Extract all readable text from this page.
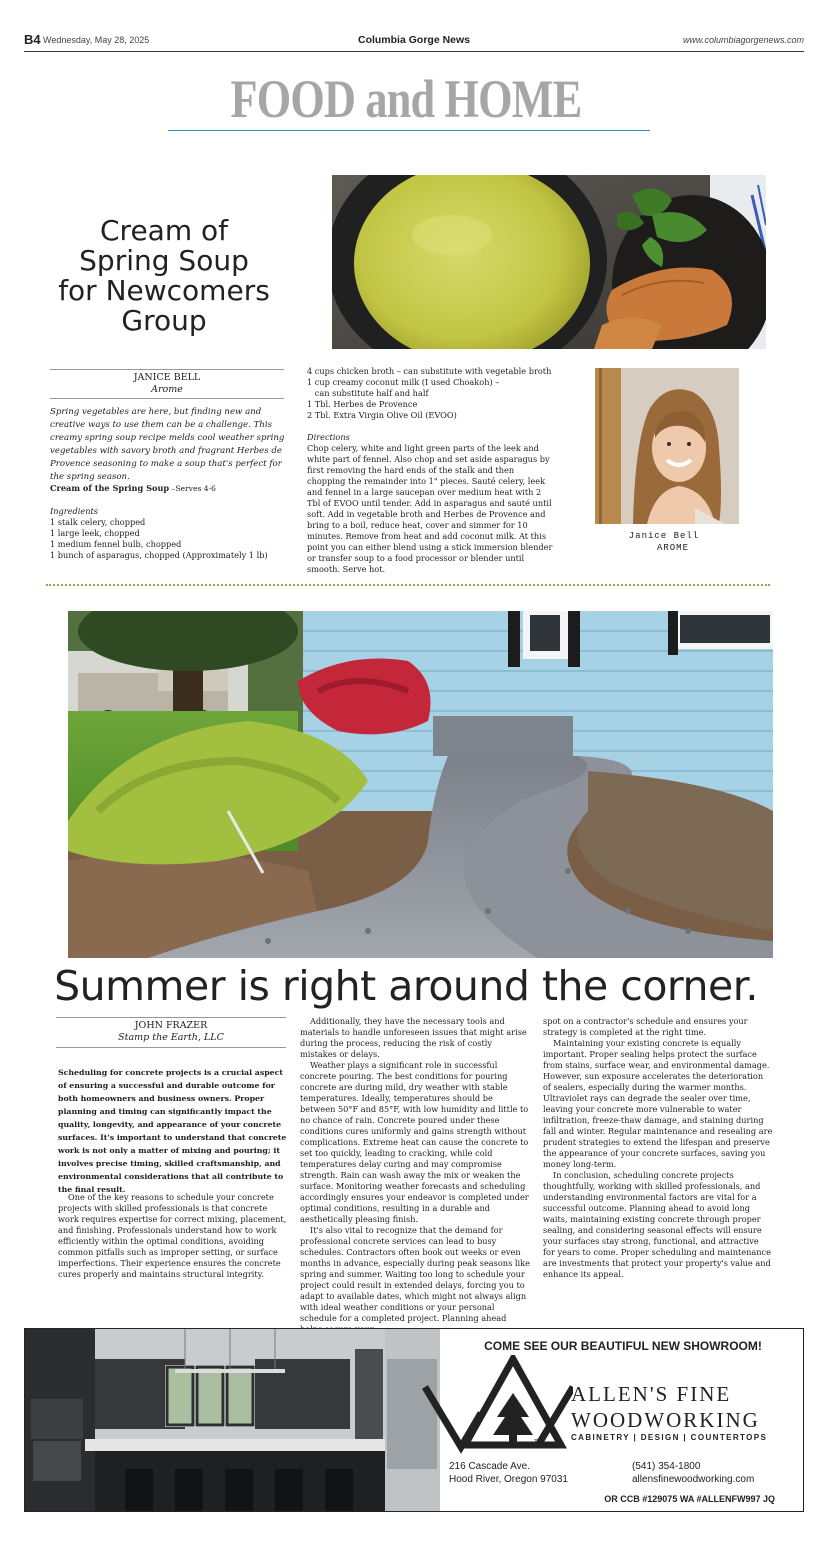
B4 Wednesday, May 28, 2025	Columbia Gorge News	www.columbiagorgenews.com
FOOD and HOME
Cream of
Spring Soup
for Newcomers
Group
JANICE BELL
Arome
Spring vegetables are here, but finding new and creative ways to use them can be a challenge. This creamy spring soup recipe melds cool weather spring vegetables with savory broth and fragrant Herbes de Provence seasoning to make a soup that's perfect for the spring season.
Cream of the Spring Soup –Serves 4-6
Ingredients
1 stalk celery, chopped
1 large leek, chopped
1 medium fennel bulb, chopped
1 bunch of asparagus, chopped (Approximately 1 lb)
4 cups chicken broth – can substitute with vegetable broth
1 cup creamy coconut milk (I used Choakoh) –
can substitute half and half
1 Tbl. Herbes de Provence
2 Tbl. Extra Virgin Olive Oil (EVOO)
Directions
Chop celery, white and light green parts of the leek and white part of fennel. Also chop and set aside asparagus by first removing the hard ends of the stalk and then chopping the remainder into 1" pieces. Sauté celery, leek and fennel in a large saucepan over medium heat with 2 Tbl of EVOO until tender. Add in asparagus and sauté until soft. Add in vegetable broth and Herbes de Provence and bring to a boil, reduce heat, cover and simmer for 10 minutes. Remove from heat and add coconut milk. At this point you can either blend using a stick immersion blender or transfer soup to a food processor or blender until smooth. Serve hot.
Janice Bell
AROME
Summer is right around the corner.
JOHN FRAZER
Stamp the Earth, LLC
Scheduling for concrete projects is a crucial aspect of ensuring a successful and durable outcome for both homeowners and business owners. Proper planning and timing can significantly impact the quality, longevity, and appearance of your concrete surfaces. It's important to understand that concrete work is not only a matter of mixing and pouring; it involves precise timing, skilled craftsmanship, and environmental considerations that all contribute to the final result.

One of the key reasons to schedule your concrete projects with skilled professionals is that concrete work requires expertise for correct mixing, placement, and finishing. Professionals understand how to work efficiently within the optimal conditions, avoiding common pitfalls such as improper setting, or surface imperfections. Their experience ensures the concrete cures properly and maintains structural integrity.

Additionally, they have the necessary tools and materials to handle unforeseen issues that might arise during the process, reducing the risk of costly mistakes or delays.

Weather plays a significant role in successful concrete pouring. The best conditions for pouring concrete are during mild, dry weather with stable temperatures. Ideally, temperatures should be between 50°F and 85°F, with low humidity and little to no chance of rain. Concrete poured under these conditions cures uniformly and gains strength without complications. Extreme heat can cause the concrete to set too quickly, leading to cracking, while cold temperatures delay curing and may compromise strength. Rain can wash away the mix or weaken the surface. Monitoring weather forecasts and scheduling accordingly ensures your endeavor is completed under optimal conditions, resulting in a durable and aesthetically pleasing finish.

It's also vital to recognize that the demand for professional concrete services can lead to busy schedules. Contractors often book out weeks or even months in advance, especially during peak seasons like spring and summer. Waiting too long to schedule your project could result in extended delays, forcing you to adapt to available dates, which might not always align with ideal weather conditions or your personal schedule for a completed project. Planning ahead

spot on a contractor's schedule and ensures your strategy is completed at the right time.

Maintaining your existing concrete is equally important. Proper sealing helps protect the surface from stains, surface wear, and environmental damage. However, sun exposure accelerates the deterioration of sealers, especially during the warmer months. Ultraviolet rays can degrade the sealer over time, leaving your concrete more vulnerable to water infiltration, freeze-thaw damage, and staining during fall and winter. Regular maintenance and resealing are prudent strategies to extend the lifespan and preserve the appearance of your concrete surfaces, saving you money long-term.

In conclusion, scheduling concrete projects thoughtfully, working with skilled professionals, and understanding environmental factors are vital for a successful outcome. Planning ahead to avoid long waits, maintaining existing concrete through proper sealing, and considering seasonal effects will ensure your surfaces stay strong, functional, and attractive for years to come. Proper scheduling and maintenance are investments that protect your property's value and enhance its appeal.

COME SEE OUR BEAUTIFUL NEW SHOWROOM!
TM
ALLEN'S FINE
WOODWORKING
CABINETRY | DESIGN | COUNTERTOPS
216 Cascade Ave.
Hood River, Oregon 97031
(541) 354-1800
allensfinewoodworking.com
OR CCB #129075 WA #ALLENFW997 JQ
